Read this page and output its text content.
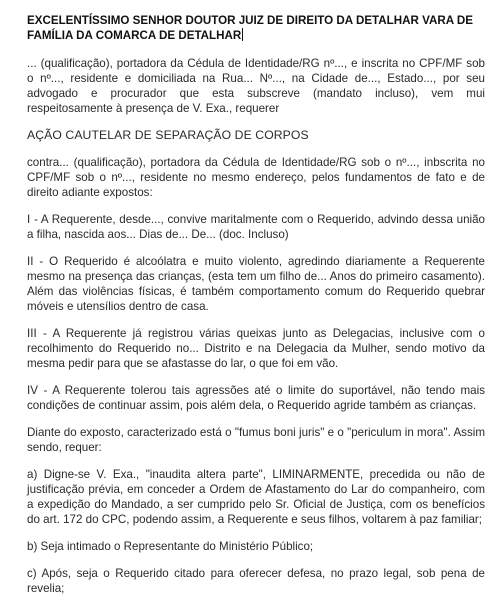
EXCELENTÍSSIMO SENHOR DOUTOR JUIZ DE DIREITO DA DETALHAR VARA DE FAMÍLIA DA COMARCA DE DETALHAR

... (qualificação), portadora da Cédula de Identidade/RG nº..., e inscrita no CPF/MF sob o nº..., residente e domiciliada na Rua... Nº..., na Cidade de..., Estado..., por seu advogado e procurador que esta subscreve (mandato incluso), vem mui respeitosamente à presença de V. Exa., requerer

AÇÃO CAUTELAR DE SEPARAÇÃO DE CORPOS

contra... (qualificação), portadora da Cédula de Identidade/RG sob o nº..., inbscrita no CPF/MF sob o nº..., residente no mesmo endereço, pelos fundamentos de fato e de direito adiante expostos:

I - A Requerente, desde..., convive maritalmente com o Requerido, advindo dessa união a filha, nascida aos... Dias de... De... (doc. Incluso)

II - O Requerido é alcoólatra e muito violento, agredindo diariamente a Requerente mesmo na presença das crianças, (esta tem um filho de... Anos do primeiro casamento). Além das violências físicas, é também comportamento comum do Requerido quebrar móveis e utensílios dentro de casa.

III - A Requerente já registrou várias queixas junto as Delegacias, inclusive com o recolhimento do Requerido no... Distrito e na Delegacia da Mulher, sendo motivo da mesma pedir para que se afastasse do lar, o que foi em vão.

IV - A Requerente tolerou tais agressões até o limite do suportável, não tendo mais condições de continuar assim, pois além dela, o Requerido agride também as crianças.

Diante do exposto, caracterizado está o "fumus boni juris" e o "periculum in mora". Assim sendo, requer:

a) Digne-se V. Exa., "inaudita altera parte", LIMINARMENTE, precedida ou não de justificação prévia, em conceder a Ordem de Afastamento do Lar do companheiro, com a expedição do Mandado, a ser cumprido pelo Sr. Oficial de Justiça, com os benefícios do art. 172 do CPC, podendo assim, a Requerente e seus filhos, voltarem à paz familiar;

b) Seja intimado o Representante do Ministério Público;

c) Após, seja o Requerido citado para oferecer defesa, no prazo legal, sob pena de revelia;
